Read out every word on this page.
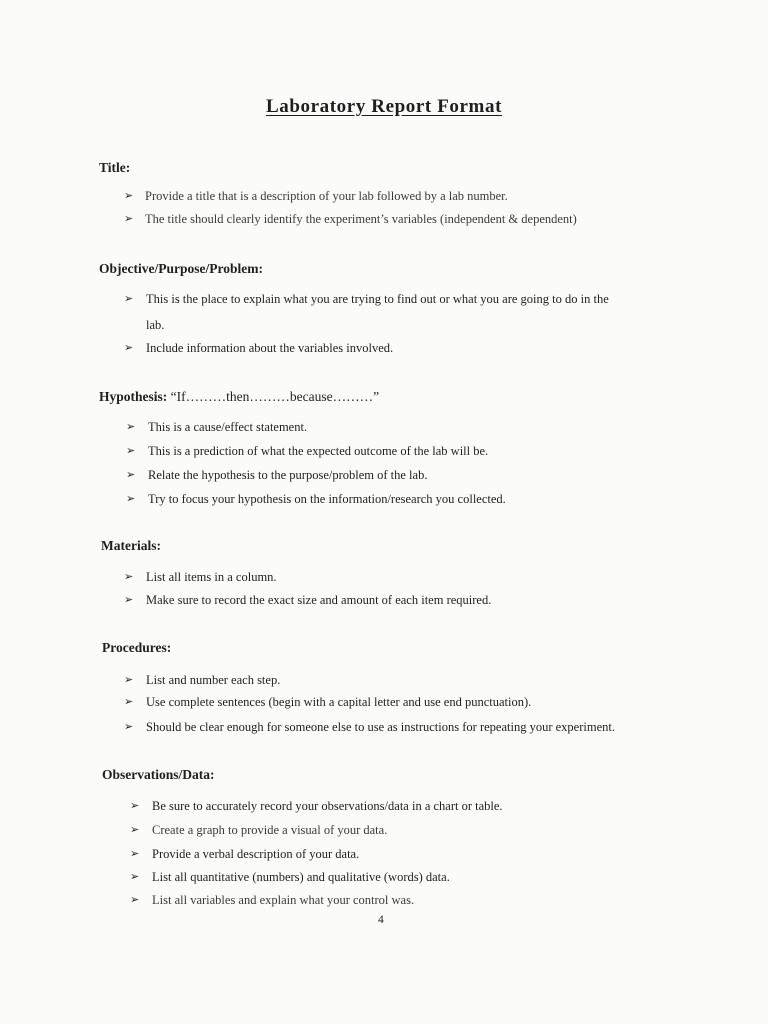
Laboratory Report Format
Title:
➢ Provide a title that is a description of your lab followed by a lab number.
➢ The title should clearly identify the experiment’s variables (independent & dependent)
Objective/Purpose/Problem:
➢ This is the place to explain what you are trying to find out or what you are going to do in the
lab.
➢ Include information about the variables involved.
Hypothesis: “If………then………because………”
➢ This is a cause/effect statement.
➢ This is a prediction of what the expected outcome of the lab will be.
➢ Relate the hypothesis to the purpose/problem of the lab.
➢ Try to focus your hypothesis on the information/research you collected.
Materials:
➢ List all items in a column.
➢ Make sure to record the exact size and amount of each item required.
Procedures:
➢ List and number each step.
➢ Use complete sentences (begin with a capital letter and use end punctuation).
➢ Should be clear enough for someone else to use as instructions for repeating your experiment.
Observations/Data:
➢ Be sure to accurately record your observations/data in a chart or table.
➢ Create a graph to provide a visual of your data.
➢ Provide a verbal description of your data.
➢ List all quantitative (numbers) and qualitative (words) data.
➢ List all variables and explain what your control was.
4
